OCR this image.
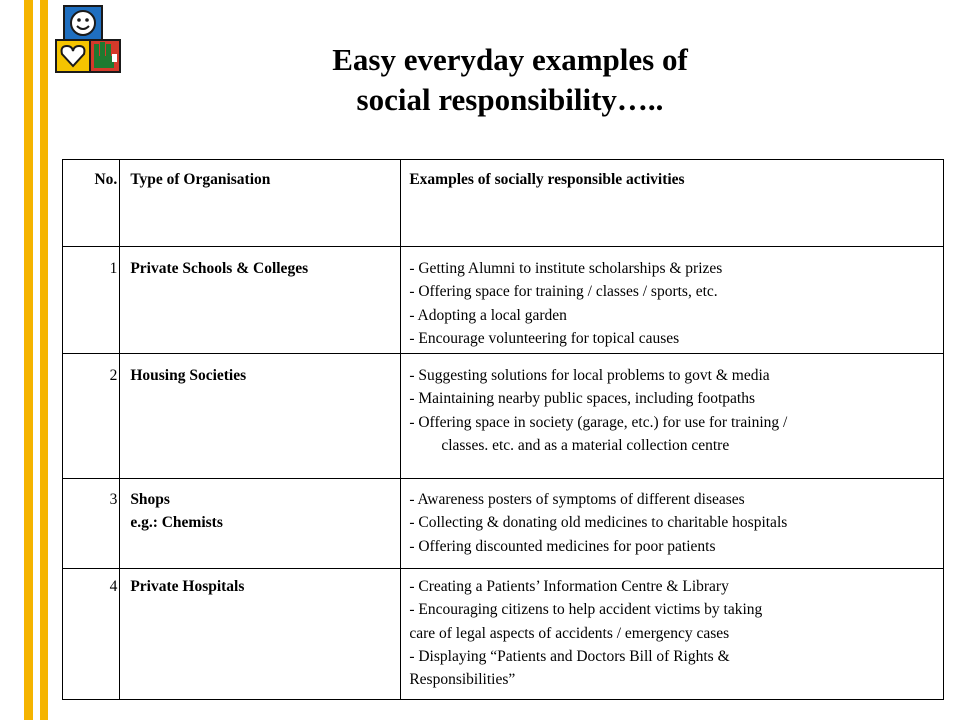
Easy everyday examples of
social responsibility…..
No.	Type of Organisation	Examples of socially responsible activities

1	Private Schools & Colleges	- Getting Alumni to institute scholarships & prizes
- Offering space for training / classes / sports, etc.
- Adopting a local garden
- Encourage volunteering for topical causes

2	Housing Societies	- Suggesting solutions for local problems to govt & media
- Maintaining nearby public spaces, including footpaths
- Offering space in society (garage, etc.) for use for training /
classes. etc. and as a material collection centre

3	Shops
e.g.: Chemists	- Awareness posters of symptoms of different diseases
- Collecting & donating old medicines to charitable hospitals
- Offering discounted medicines for poor patients

4	Private Hospitals	- Creating a Patients’ Information Centre & Library
- Encouraging citizens to help accident victims by taking
care of legal aspects of accidents / emergency cases
- Displaying “Patients and Doctors Bill of Rights &
Responsibilities”
